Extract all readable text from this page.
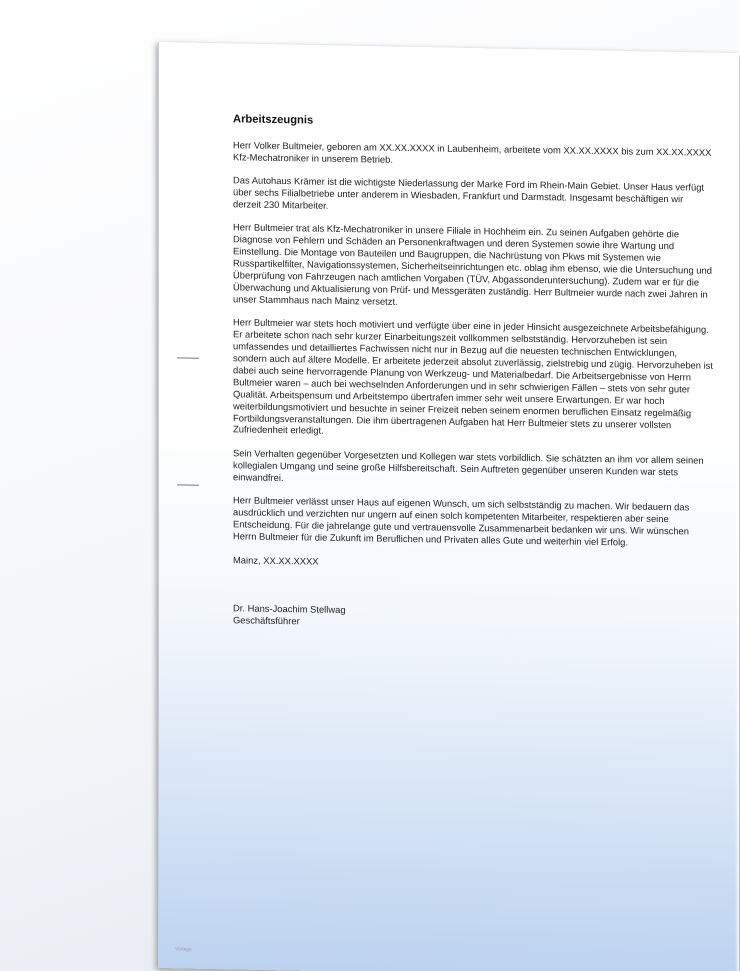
Arbeitszeugnis
Herr Volker Bultmeier, geboren am XX.XX.XXXX in Laubenheim, arbeitete vom XX.XX.XXXX bis zum XX.XX.XXXX Kfz-Mechatroniker in unserem Betrieb.
Das Autohaus Krämer ist die wichtigste Niederlassung der Marke Ford im Rhein-Main Gebiet. Unser Haus verfügt über sechs Filialbetriebe unter anderem in Wiesbaden, Frankfurt und Darmstadt. Insgesamt beschäftigen wir derzeit 230 Mitarbeiter.
Herr Bultmeier trat als Kfz-Mechatroniker in unsere Filiale in Hochheim ein. Zu seinen Aufgaben gehörte die Diagnose von Fehlern und Schäden an Personenkraftwagen und deren Systemen sowie ihre Wartung und Einstellung. Die Montage von Bauteilen und Baugruppen, die Nachrüstung von Pkws mit Systemen wie Russpartikelfilter, Navigationssystemen, Sicherheitseinrichtungen etc. oblag ihm ebenso, wie die Untersuchung und Überprüfung von Fahrzeugen nach amtlichen Vorgaben (TÜV, Abgassonderuntersuchung). Zudem war er für die Überwachung und Aktualisierung von Prüf- und Messgeräten zuständig. Herr Bultmeier wurde nach zwei Jahren in unser Stammhaus nach Mainz versetzt.
Herr Bultmeier war stets hoch motiviert und verfügte über eine in jeder Hinsicht ausgezeichnete Arbeitsbefähigung. Er arbeitete schon nach sehr kurzer Einarbeitungszeit vollkommen selbstständig. Hervorzuheben ist sein umfassendes und detailliertes Fachwissen nicht nur in Bezug auf die neuesten technischen Entwicklungen, sondern auch auf ältere Modelle. Er arbeitete jederzeit absolut zuverlässig, zielstrebig und zügig. Hervorzuheben ist dabei auch seine hervorragende Planung von Werkzeug- und Materialbedarf. Die Arbeitsergebnisse von Herrn Bultmeier waren – auch bei wechselnden Anforderungen und in sehr schwierigen Fällen – stets von sehr guter Qualität. Arbeitspensum und Arbeitstempo übertrafen immer sehr weit unsere Erwartungen. Er war hoch weiterbildungsmotiviert und besuchte in seiner Freizeit neben seinem enormen beruflichen Einsatz regelmäßig Fortbildungsveranstaltungen. Die ihm übertragenen Aufgaben hat Herr Bultmeier stets zu unserer vollsten Zufriedenheit erledigt.
Sein Verhalten gegenüber Vorgesetzten und Kollegen war stets vorbildlich. Sie schätzten an ihm vor allem seinen kollegialen Umgang und seine große Hilfsbereitschaft. Sein Auftreten gegenüber unseren Kunden war stets einwandfrei.
Herr Bultmeier verlässt unser Haus auf eigenen Wunsch, um sich selbstständig zu machen. Wir bedauern das ausdrücklich und verzichten nur ungern auf einen solch kompetenten Mitarbeiter, respektieren aber seine Entscheidung. Für die jahrelange gute und vertrauensvolle Zusammenarbeit bedanken wir uns. Wir wünschen Herrn Bultmeier für die Zukunft im Beruflichen und Privaten alles Gute und weiterhin viel Erfolg.
Mainz, XX.XX.XXXX
Dr. Hans-Joachim Stellwag
Geschäftsführer
Vorlage
